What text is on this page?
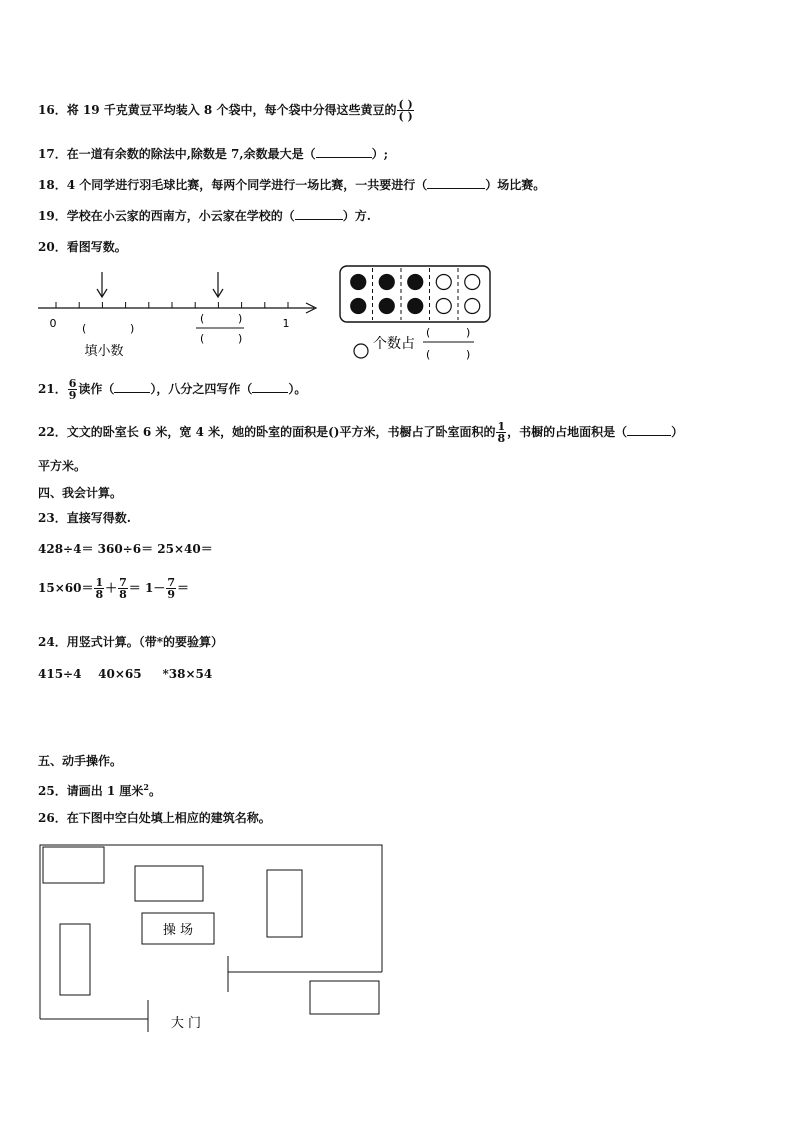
16．将 19 千克黄豆平均装入 8 个袋中，每个袋中分得这些黄豆的 $\frac{( )}{( )}$
17．在一道有余数的除法中,除数是 7,余数最大是（	）;
18．4 个同学进行羽毛球比赛，每两个同学进行一场比赛，一共要进行（	）场比赛。
19．学校在小云家的西南方，小云家在学校的（	）方.
20．看图写数。
0	1
(	)
填小数
(	)
(	)	个数占
(	)
(	)
21． $\frac{6}{9}$ 读作（	），八分之四写作（	）。
22．文文的卧室长 6 米，宽 4 米，她的卧室的面积是()平方米，书橱占了卧室面积的 $\frac{1}{8}$ ，书橱的占地面积是（	）
平方米。
四、我会计算。
23．直接写得数.
428÷4＝ 360÷6＝ 25×40＝
$15\times 60= \frac{1}{8} + \frac{7}{8} = 1- \frac{7}{9}$ ＝
24．用竖式计算。（带*的要验算）
415÷4    40×65     *38×54
五、动手操作。
25．请画出 1 厘米$^2$。
26．在下图中空白处填上相应的建筑名称。
操 场
大 门
